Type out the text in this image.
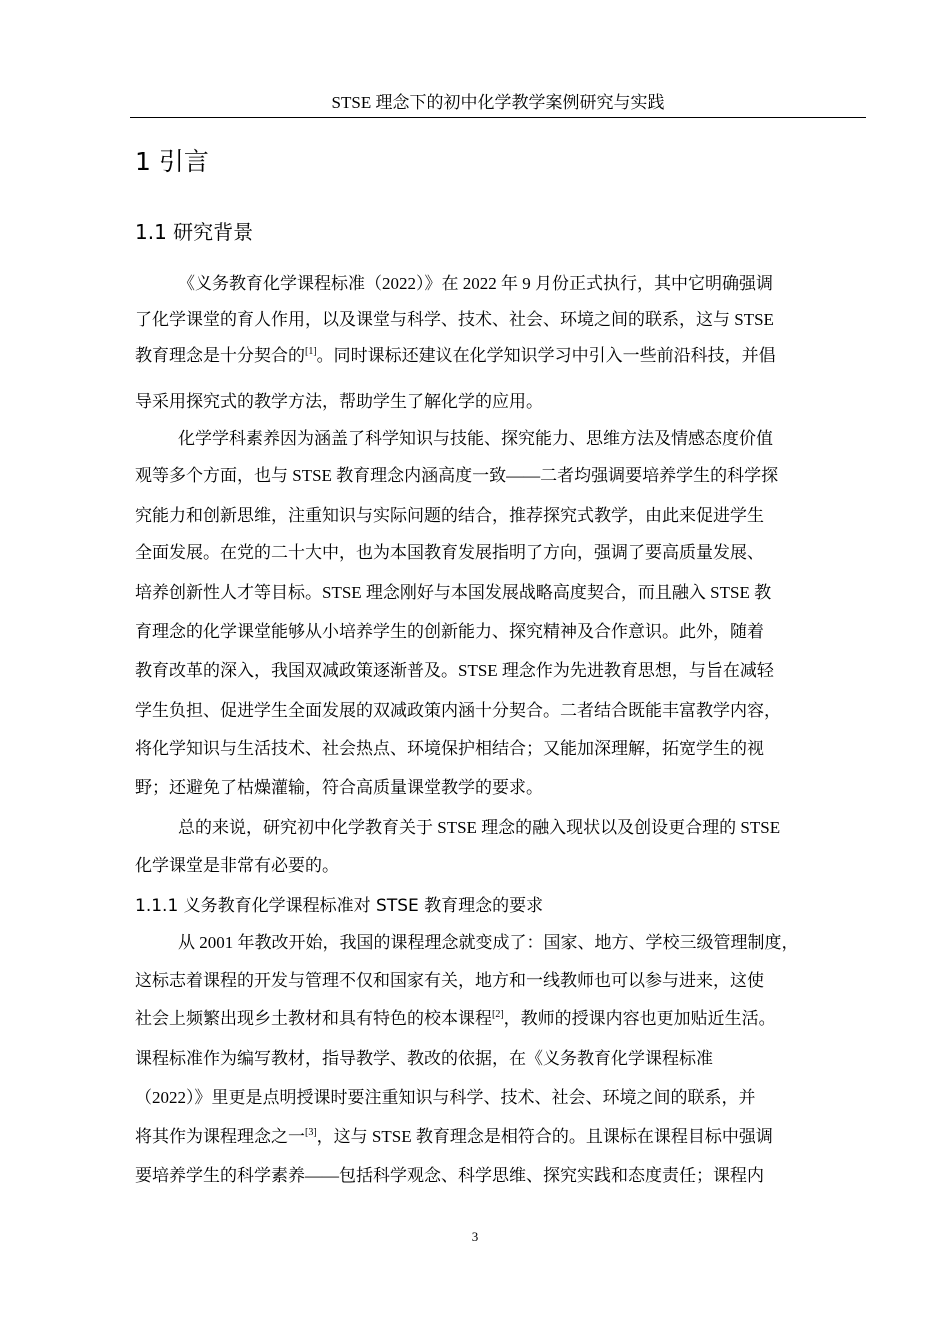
STSE 理念下的初中化学教学案例研究与实践
1 引言
1.1 研究背景
《义务教育化学课程标准（2022）》在 2022 年 9 月份正式执行，其中它明确强调
了化学课堂的育人作用，以及课堂与科学、技术、社会、环境之间的联系，这与 STSE
教育理念是十分契合的[1]。同时课标还建议在化学知识学习中引入一些前沿科技，并倡
导采用探究式的教学方法，帮助学生了解化学的应用。
化学学科素养因为涵盖了科学知识与技能、探究能力、思维方法及情感态度价值
观等多个方面，也与 STSE 教育理念内涵高度一致——二者均强调要培养学生的科学探
究能力和创新思维，注重知识与实际问题的结合，推荐探究式教学，由此来促进学生
全面发展。在党的二十大中，也为本国教育发展指明了方向，强调了要高质量发展、
培养创新性人才等目标。STSE 理念刚好与本国发展战略高度契合，而且融入 STSE 教
育理念的化学课堂能够从小培养学生的创新能力、探究精神及合作意识。此外，随着
教育改革的深入，我国双减政策逐渐普及。STSE 理念作为先进教育思想，与旨在减轻
学生负担、促进学生全面发展的双减政策内涵十分契合。二者结合既能丰富教学内容，
将化学知识与生活技术、社会热点、环境保护相结合；又能加深理解，拓宽学生的视
野；还避免了枯燥灌输，符合高质量课堂教学的要求。
总的来说，研究初中化学教育关于 STSE 理念的融入现状以及创设更合理的 STSE
化学课堂是非常有必要的。
1.1.1 义务教育化学课程标准对 STSE 教育理念的要求
从 2001 年教改开始，我国的课程理念就变成了：国家、地方、学校三级管理制度，
这标志着课程的开发与管理不仅和国家有关，地方和一线教师也可以参与进来，这使
社会上频繁出现乡土教材和具有特色的校本课程[2]，教师的授课内容也更加贴近生活。
课程标准作为编写教材，指导教学、教改的依据，在《义务教育化学课程标准
（2022）》里更是点明授课时要注重知识与科学、技术、社会、环境之间的联系，并
将其作为课程理念之一[3]，这与 STSE 教育理念是相符合的。且课标在课程目标中强调
要培养学生的科学素养——包括科学观念、科学思维、探究实践和态度责任；课程内
3
